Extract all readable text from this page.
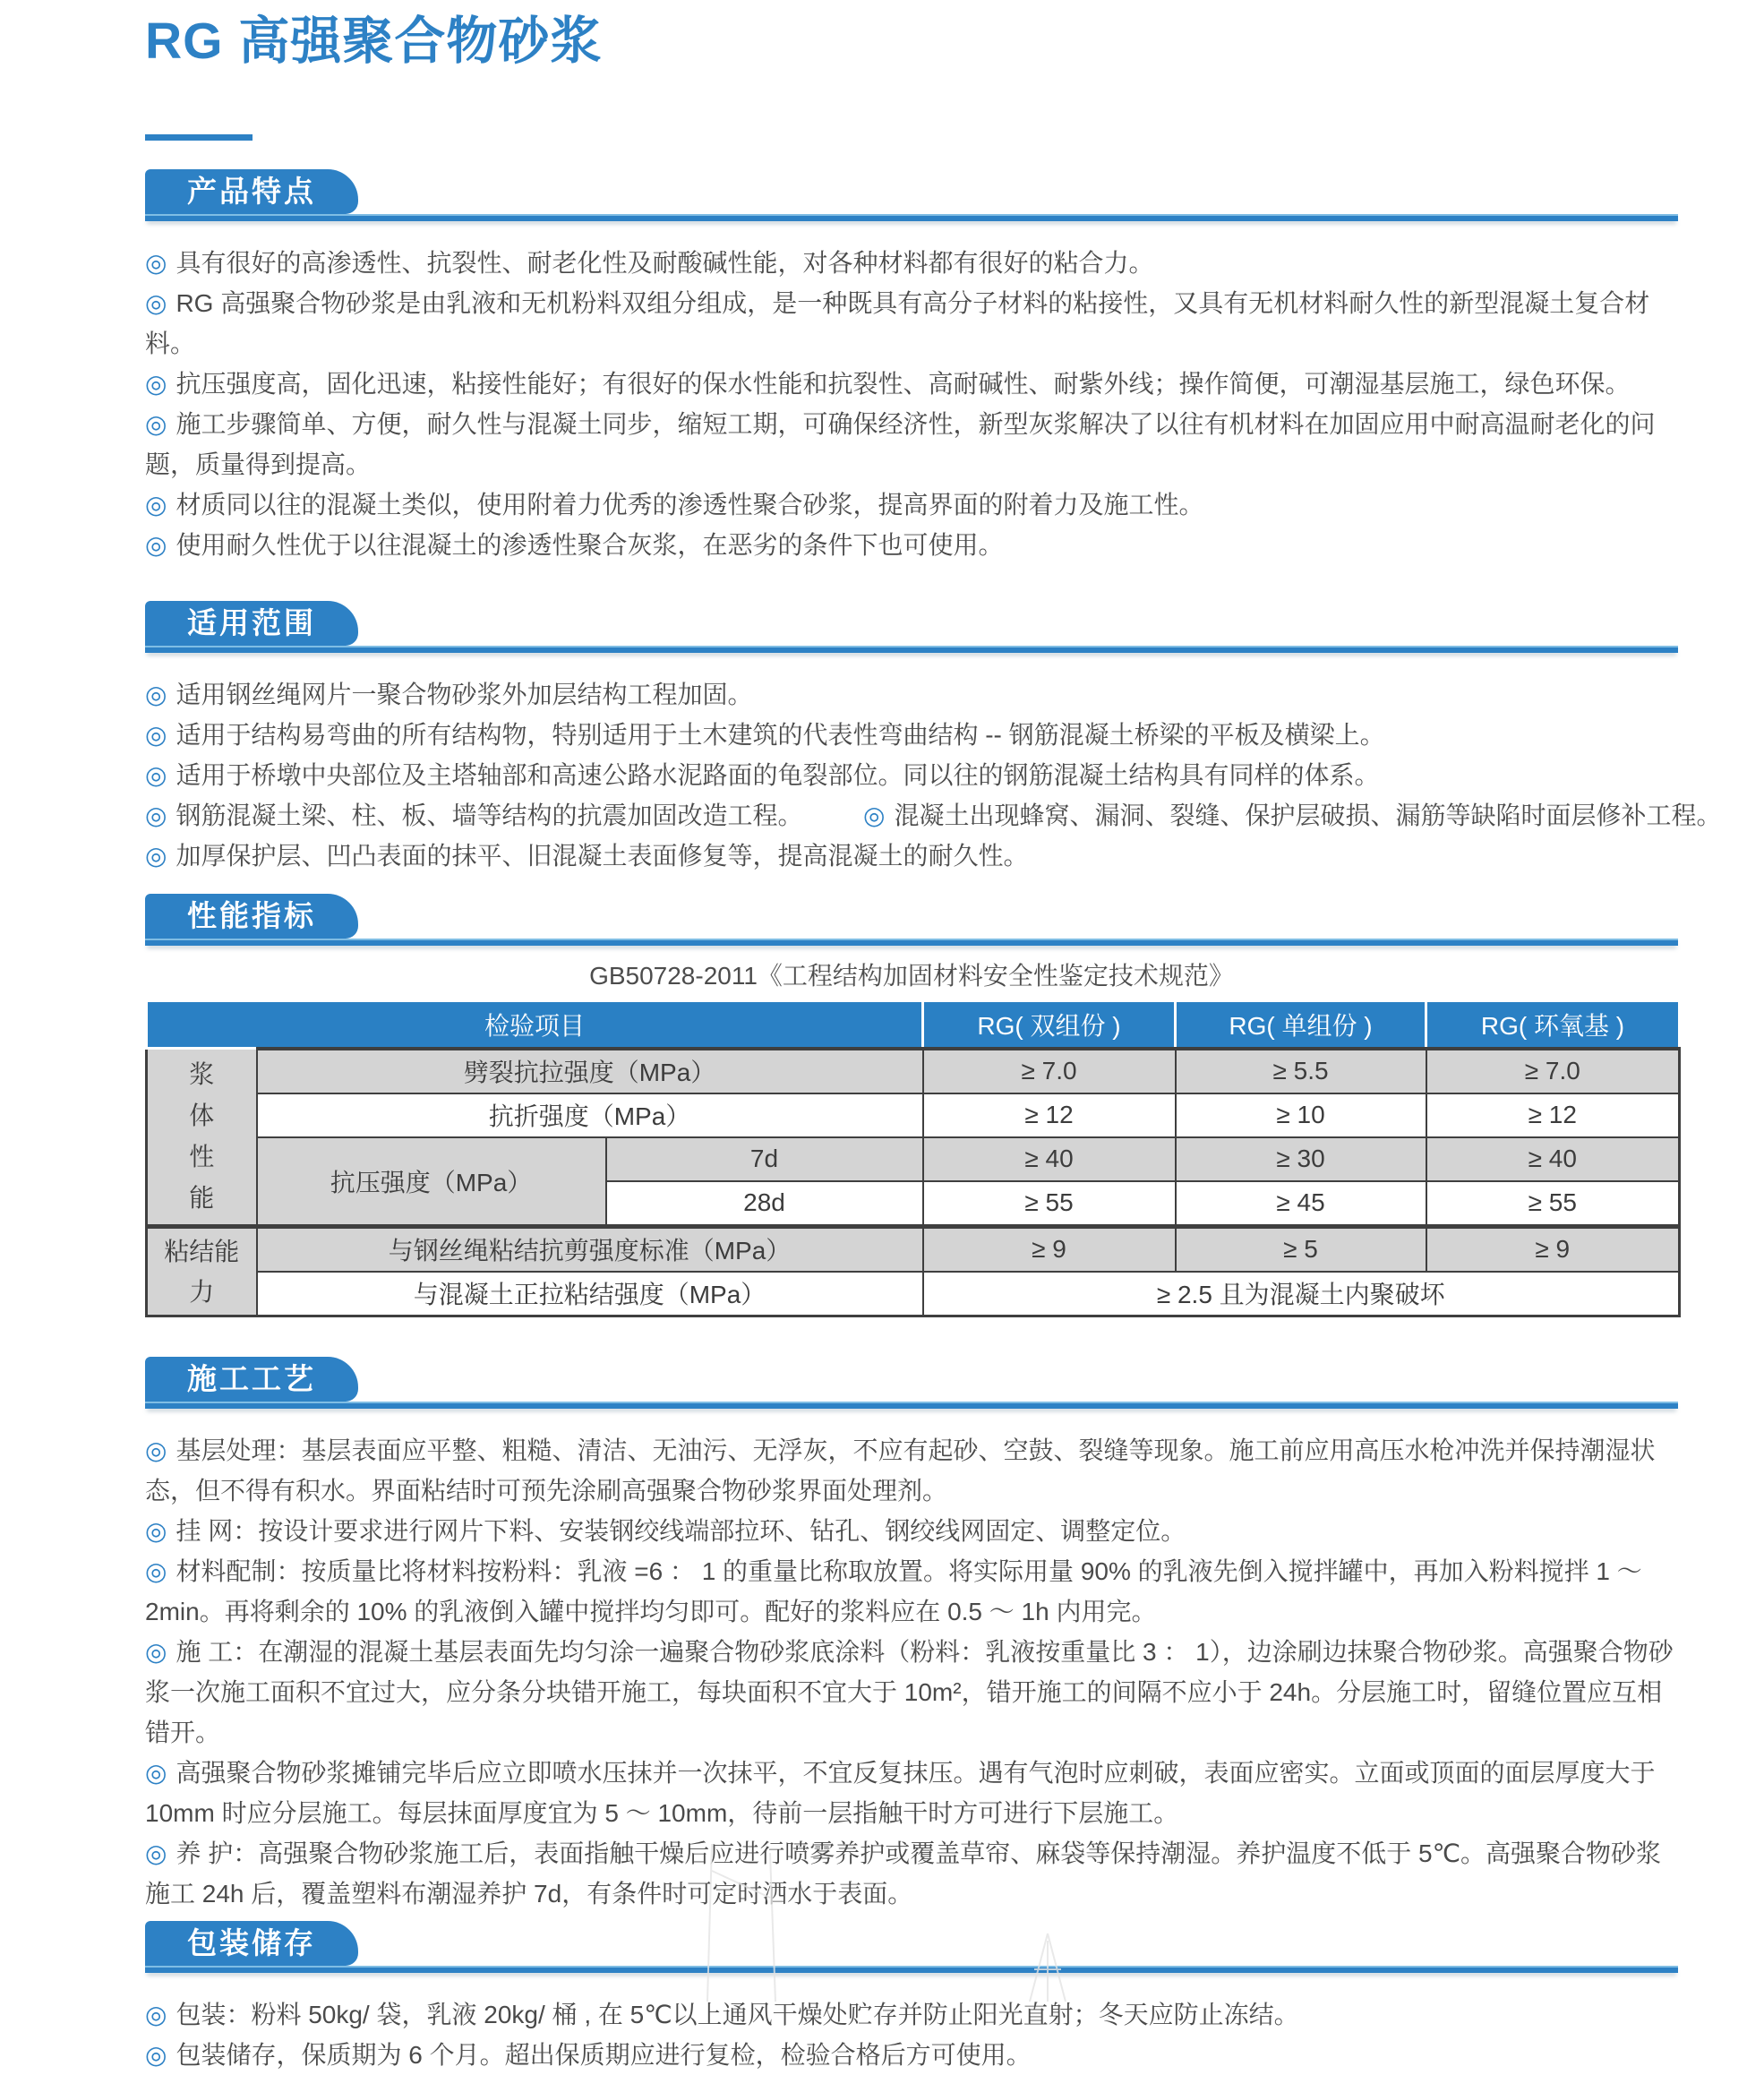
RG 高强聚合物砂浆
产品特点

◎ 具有很好的高渗透性、抗裂性、耐老化性及耐酸碱性能，对各种材料都有很好的粘合力。

◎ RG 高强聚合物砂浆是由乳液和无机粉料双组分组成，是一种既具有高分子材料的粘接性，又具有无机材料耐久性的新型混凝土复合材料。

◎ 抗压强度高，固化迅速，粘接性能好；有很好的保水性能和抗裂性、高耐碱性、耐紫外线；操作简便，可潮湿基层施工，绿色环保。

◎ 施工步骤简单、方便，耐久性与混凝土同步，缩短工期，可确保经济性，新型灰浆解决了以往有机材料在加固应用中耐高温耐老化的问题，质量得到提高。

◎ 材质同以往的混凝土类似，使用附着力优秀的渗透性聚合砂浆，提高界面的附着力及施工性。

◎ 使用耐久性优于以往混凝土的渗透性聚合灰浆，在恶劣的条件下也可使用。

适用范围

◎ 适用钢丝绳网片一聚合物砂浆外加层结构工程加固。

◎ 适用于结构易弯曲的所有结构物，特别适用于土木建筑的代表性弯曲结构 -- 钢筋混凝土桥梁的平板及横梁上。

◎ 适用于桥墩中央部位及主塔轴部和高速公路水泥路面的龟裂部位。同以往的钢筋混凝土结构具有同样的体系。

◎ 钢筋混凝土梁、柱、板、墙等结构的抗震加固改造工程。 ◎ 混凝土出现蜂窝、漏洞、裂缝、保护层破损、漏筋等缺陷时面层修补工程。

◎ 加厚保护层、凹凸表面的抹平、旧混凝土表面修复等，提高混凝土的耐久性。

性能指标
GB50728-2011《工程结构加固材料安全性鉴定技术规范》
检验项目			RG( 双组份 )	RG( 单组份 )	RG( 环氧基 )
浆体性能	劈裂抗拉强度（MPa）		≥ 7.0	≥ 5.5	≥ 7.0
	抗折强度（MPa）		≥ 12	≥ 10	≥ 12
	抗压强度（MPa）	7d	≥ 40	≥ 30	≥ 40
		28d	≥ 55	≥ 45	≥ 55
粘结能力	与钢丝绳粘结抗剪强度标准（MPa）		≥ 9	≥ 5	≥ 9
	与混凝土正拉粘结强度（MPa）		≥ 2.5 且为混凝土内聚破坏		
施工工艺

◎ 基层处理：基层表面应平整、粗糙、清洁、无油污、无浮灰，不应有起砂、空鼓、裂缝等现象。施工前应用高压水枪冲洗并保持潮湿状态，但不得有积水。界面粘结时可预先涂刷高强聚合物砂浆界面处理剂。

◎ 挂 网：按设计要求进行网片下料、安装钢绞线端部拉环、钻孔、钢绞线网固定、调整定位。

◎ 材料配制：按质量比将材料按粉料：乳液 =6 ： 1 的重量比称取放置。将实际用量 90% 的乳液先倒入搅拌罐中，再加入粉料搅拌 1 ～ 2min。再将剩余的 10% 的乳液倒入罐中搅拌均匀即可。配好的浆料应在 0.5 ～ 1h 内用完。

◎ 施 工：在潮湿的混凝土基层表面先均匀涂一遍聚合物砂浆底涂料（粉料：乳液按重量比 3 ： 1），边涂刷边抹聚合物砂浆。高强聚合物砂浆一次施工面积不宜过大，应分条分块错开施工，每块面积不宜大于 10m²，错开施工的间隔不应小于 24h。分层施工时，留缝位置应互相错开。

◎ 高强聚合物砂浆摊铺完毕后应立即喷水压抹并一次抹平，不宜反复抹压。遇有气泡时应刺破，表面应密实。立面或顶面的面层厚度大于 10mm 时应分层施工。每层抹面厚度宜为 5 ～ 10mm，待前一层指触干时方可进行下层施工。

◎ 养 护：高强聚合物砂浆施工后，表面指触干燥后应进行喷雾养护或覆盖草帘、麻袋等保持潮湿。养护温度不低于 5℃。高强聚合物砂浆施工 24h 后，覆盖塑料布潮湿养护 7d，有条件时可定时洒水于表面。

包装储存

◎ 包装：粉料 50kg/ 袋，乳液 20kg/ 桶 , 在 5℃以上通风干燥处贮存并防止阳光直射；冬天应防止冻结。

◎ 包装储存，保质期为 6 个月。超出保质期应进行复检，检验合格后方可使用。
